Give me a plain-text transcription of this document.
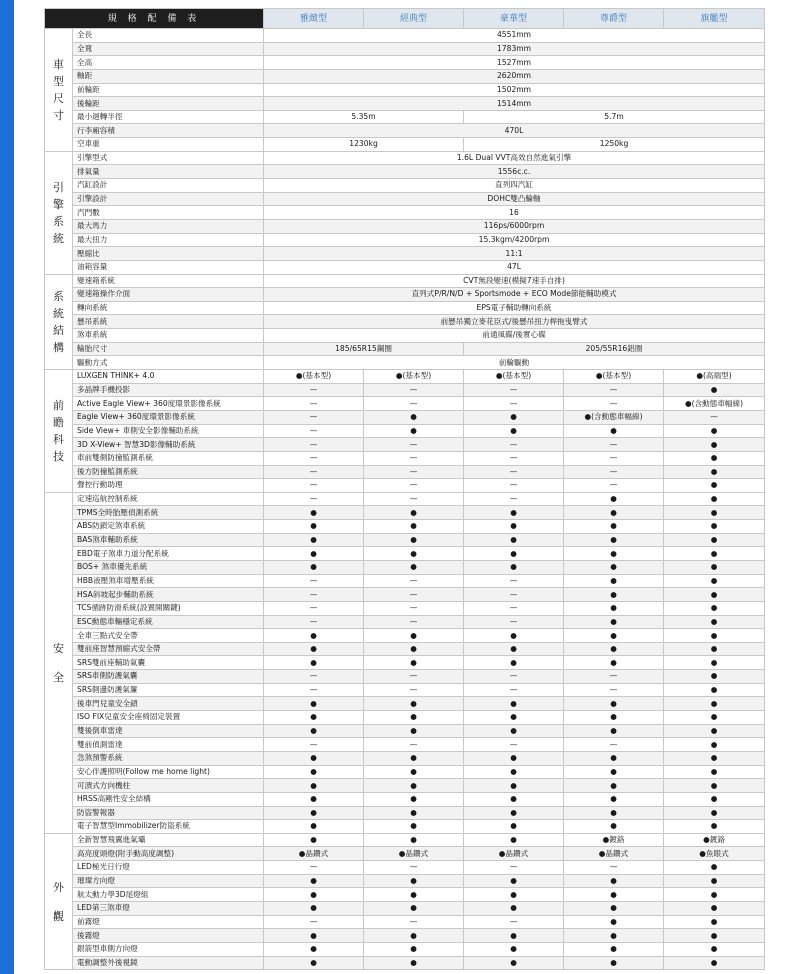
規 格 配 備 表		雅緻型	經典型	豪華型	尊爵型	旗艦型

車
型
尺
寸	全長	4551mm				
	全寬	1783mm				
	全高	1527mm				
	軸距	2620mm				
	前輪距	1502mm				
	後輪距	1514mm				
	最小迴轉半徑	5.35m		5.7m		
	行李廂容積	470L				
	空車重	1230kg		1250kg		

引
擎
系
統	引擎型式	1.6L Dual VVT高效自然進氣引擎				
	排氣量	1556c.c.				
	汽缸設計	直列四汽缸				
	引擎設計	DOHC雙凸輪軸				
	汽門數	16				
	最大馬力	116ps/6000rpm				
	最大扭力	15.3kgm/4200rpm				
	壓縮比	11:1				
	油箱容量	47L				

系
統
結
構	變速箱系統	CVT無段變速(模擬7速手自排)				
	變速箱操作介面	直列式P/R/N/D + Sportsmode + ECO Mode節能輔助模式				
	轉向系統	EPS電子輔助轉向系統				
	懸吊系統	前懸吊獨立麥花臣式/後懸吊扭力桿拖曳臂式				
	煞車系統	前通風碟/後實心碟				
	輪胎尺寸	185/65R15鋼圈		205/55R16鋁圈		
	驅動方式	前輪驅動				

前
瞻
科
技	LUXGEN THINK+ 4.0	●(基本型)	●(基本型)	●(基本型)	●(基本型)	●(高端型)
	多晶牌手機投影	—	—	—	—	●
	Active Eagle View+ 360度環景影像系統	—	—	—	—	●(含動態車幅線)
	Eagle View+ 360度環景影像系統	—	●	●	●(含動態車幅線)	—
	Side View+ 車側安全影像輔助系統	—	●	●	●	●
	3D X-View+ 智慧3D影像輔助系統	—	—	—	—	●
	車前雙側防撞監測系統	—	—	—	—	●
	後方防撞監測系統	—	—	—	—	●
	聲控行動助理	—	—	—	—	●

安
全	定速巡航控制系統	—	—	—	●	●
	TPMS全時胎壓偵測系統	●	●	●	●	●
	ABS防鎖定煞車系統	●	●	●	●	●
	BAS煞車輔助系統	●	●	●	●	●
	EBD電子煞車力道分配系統	●	●	●	●	●
	BOS+ 煞車優先系統	●	●	●	●	●
	HBB液壓煞車增壓系統	—	—	—	●	●
	HSA斜坡起步輔助系統	—	—	—	●	●
	TCS循跡防滑系統(設置開關鍵)	—	—	—	●	●
	ESC動態車輛穩定系統	—	—	—	●	●
	全車三點式安全帶	●	●	●	●	●
	雙前座智慧預縮式安全帶	●	●	●	●	●
	SRS雙前座輔助氣囊	●	●	●	●	●
	SRS車側防護氣囊	—	—	—	—	●
	SRS側邊防護氣簾	—	—	—	—	●
	後車門兒童安全鎖	●	●	●	●	●
	ISO FIX兒童安全座椅固定裝置	●	●	●	●	●
	雙後倒車雷達	●	●	●	●	●
	雙前偵測雷達	—	—	—	—	●
	急煞預警系統	●	●	●	●	●
	安心伴護照明(Follow me home light)	●	●	●	●	●
	可潰式方向機柱	●	●	●	●	●
	HRSS高剛性安全結構	●	●	●	●	●
	防盜警報器	●	●	●	●	●
	電子智慧型Immobilizer防盜系統	●	●	●	●	●

外
觀	全新智慧飛翼進氣壩	●	●	●	●鍍鉻	●鍍鉻
	高亮度頭燈(附手動高度調整)	●晶鑽式	●晶鑽式	●晶鑽式	●晶鑽式	●魚眼式
	LED極光日行燈	—	—	—	—	●
	璀璨方向燈	●	●	●	●	●
	航太動力學3D尾燈組	●	●	●	●	●
	LED第三煞車燈	●	●	●	●	●
	前霧燈	—	—	—	●	●
	後霧燈	●	●	●	●	●
	銀箭型車側方向燈	●	●	●	●	●
	電動調整外後視鏡	●	●	●	●	●
